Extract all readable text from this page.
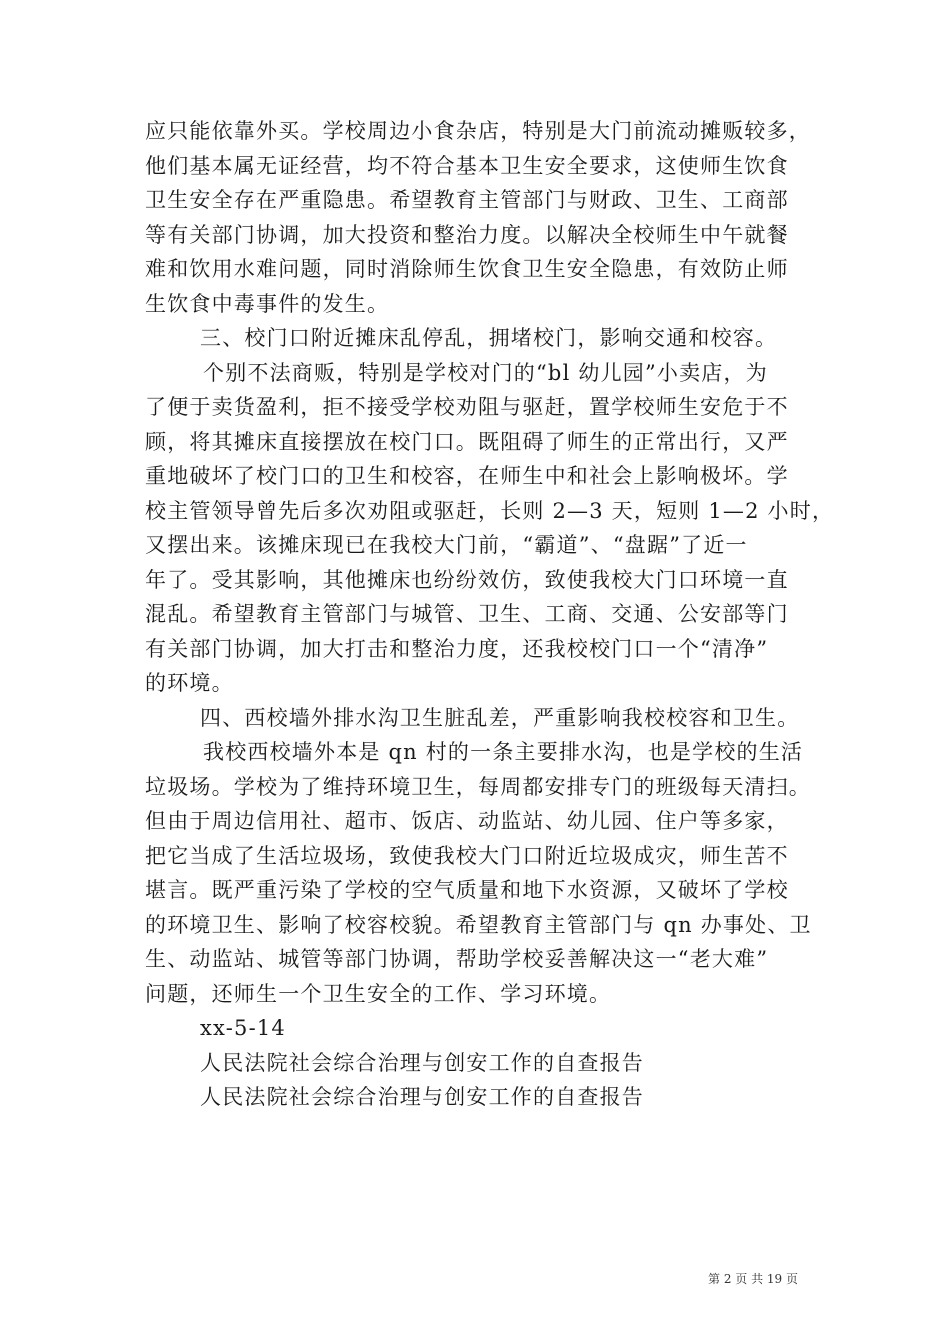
应只能依靠外买。学校周边小食杂店，特别是大门前流动摊贩较多，
他们基本属无证经营，均不符合基本卫生安全要求，这使师生饮食
卫生安全存在严重隐患。希望教育主管部门与财政、卫生、工商部
等有关部门协调，加大投资和整治力度。以解决全校师生中午就餐
难和饮用水难问题，同时消除师生饮食卫生安全隐患，有效防止师
生饮食中毒事件的发生。
三、校门口附近摊床乱停乱，拥堵校门，影响交通和校容。
个别不法商贩，特别是学校对门的“bl 幼儿园”小卖店，为
了便于卖货盈利，拒不接受学校劝阻与驱赶，置学校师生安危于不
顾，将其摊床直接摆放在校门口。既阻碍了师生的正常出行，又严
重地破坏了校门口的卫生和校容，在师生中和社会上影响极坏。学
校主管领导曾先后多次劝阻或驱赶，长则 2—3 天，短则 1—2 小时，
又摆出来。该摊床现已在我校大门前，“霸道”、“盘踞”了近一
年了。受其影响，其他摊床也纷纷效仿，致使我校大门口环境一直
混乱。希望教育主管部门与城管、卫生、工商、交通、公安部等门
有关部门协调，加大打击和整治力度，还我校校门口一个“清净”
的环境。
四、西校墙外排水沟卫生脏乱差，严重影响我校校容和卫生。
我校西校墙外本是 qn 村的一条主要排水沟，也是学校的生活
垃圾场。学校为了维持环境卫生，每周都安排专门的班级每天清扫。
但由于周边信用社、超市、饭店、动监站、幼儿园、住户等多家，
把它当成了生活垃圾场，致使我校大门口附近垃圾成灾，师生苦不
堪言。既严重污染了学校的空气质量和地下水资源，又破坏了学校
的环境卫生、影响了校容校貌。希望教育主管部门与 qn 办事处、卫
生、动监站、城管等部门协调，帮助学校妥善解决这一“老大难”
问题，还师生一个卫生安全的工作、学习环境。
xx-5-14
人民法院社会综合治理与创安工作的自查报告
人民法院社会综合治理与创安工作的自查报告
第 2 页 共 19 页
